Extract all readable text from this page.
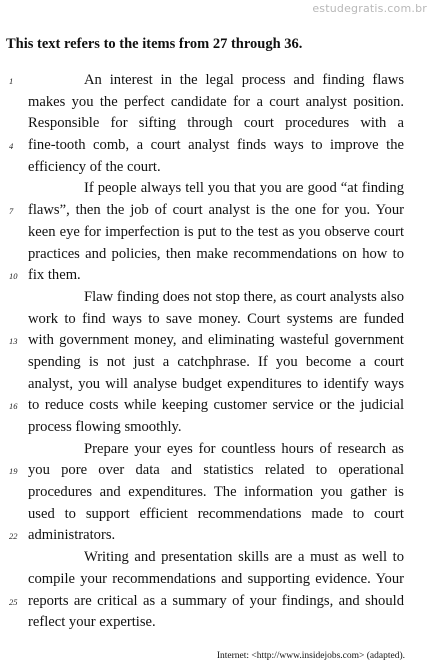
estudegratis.com.br
This text refers to the items from 27 through 36.
1	An interest in the legal process and finding flaws
makes you the perfect candidate for a court analyst position.
Responsible for sifting through court procedures with a
4 fine-tooth comb, a court analyst finds ways to improve the
efficiency of the court.
If people always tell you that you are good “at finding
7 flaws”, then the job of court analyst is the one for you. Your
keen eye for imperfection is put to the test as you observe court
practices and policies, then make recommendations on how to
10 fix them.
Flaw finding does not stop there, as court analysts also
work to find ways to save money. Court systems are funded
13 with government money, and eliminating wasteful government
spending is not just a catchphrase. If you become a court
analyst, you will analyse budget expenditures to identify ways
16 to reduce costs while keeping customer service or the judicial
process flowing smoothly.
Prepare your eyes for countless hours of research as
19 you pore over data and statistics related to operational
procedures and expenditures. The information you gather is
used to support efficient recommendations made to court
22 administrators.
Writing and presentation skills are a must as well to
compile your recommendations and supporting evidence. Your
25 reports are critical as a summary of your findings, and should
reflect your expertise.
Internet: <http://www.insidejobs.com> (adapted).
